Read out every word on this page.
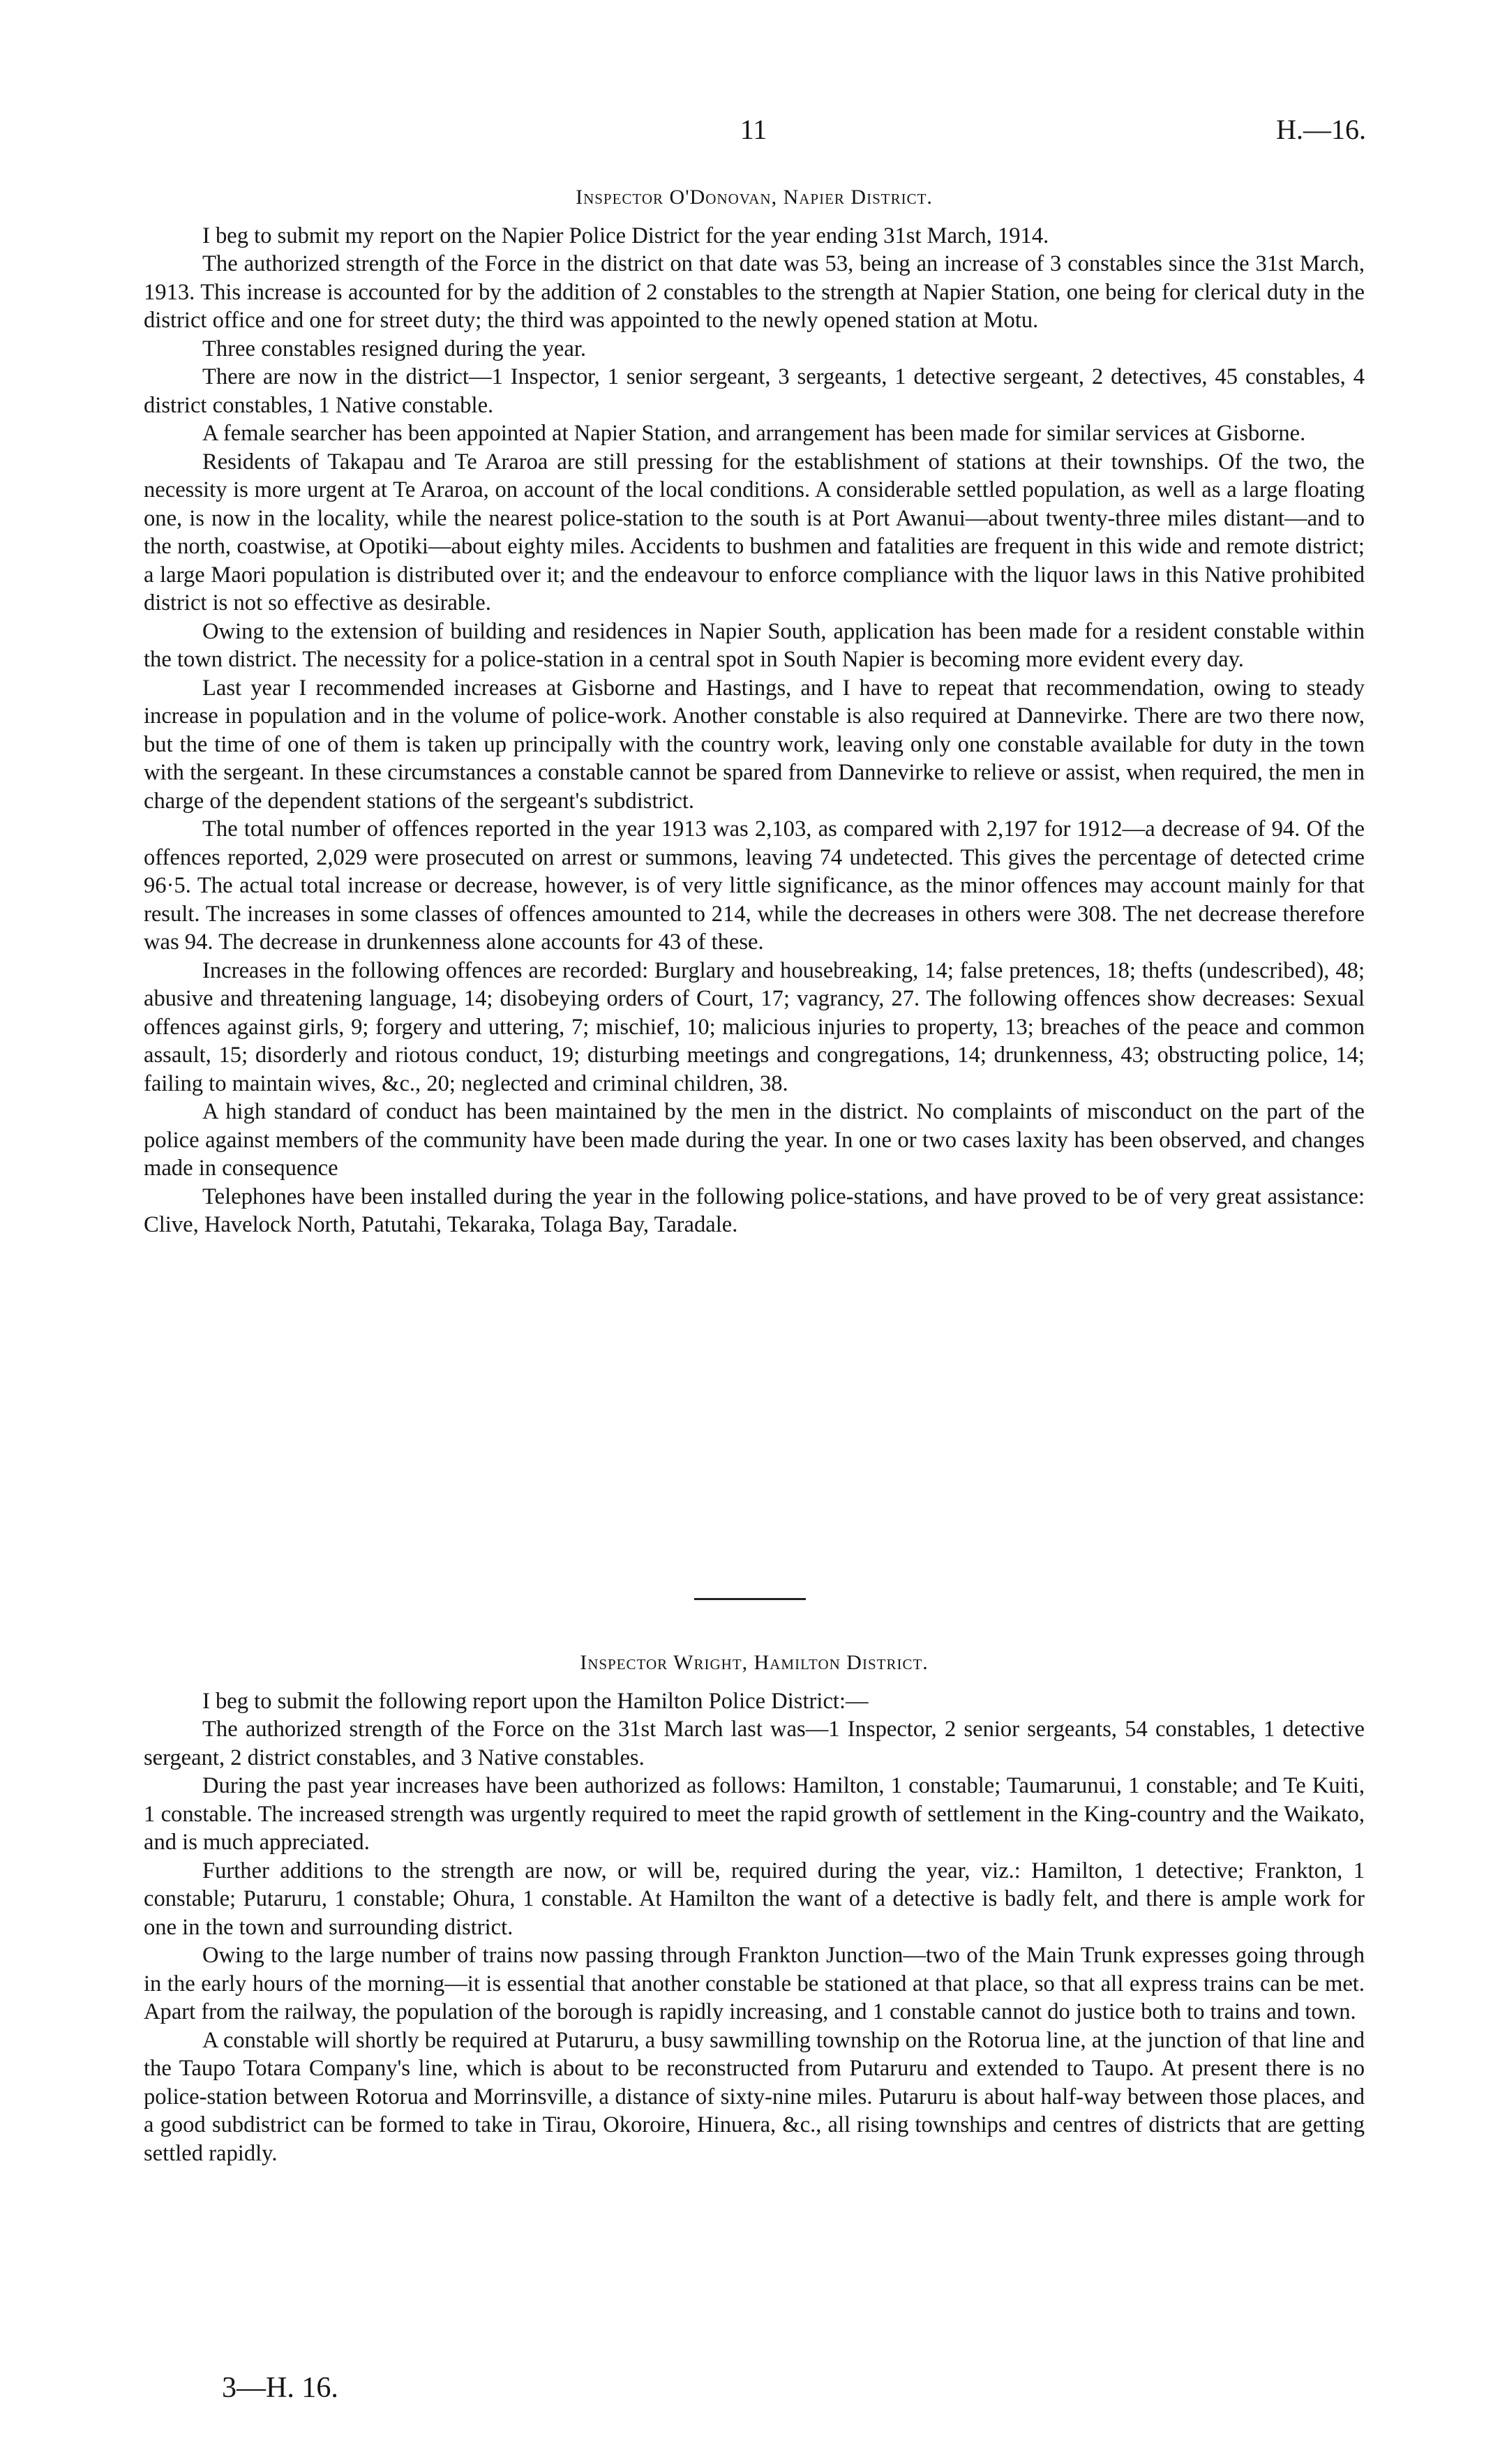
11	H.—16.
Inspector O'Donovan, Napier District.

I beg to submit my report on the Napier Police District for the year ending 31st March, 1914.

The authorized strength of the Force in the district on that date was 53, being an increase of 3 constables since the 31st March, 1913. This increase is accounted for by the addition of 2 constables to the strength at Napier Station, one being for clerical duty in the district office and one for street duty; the third was appointed to the newly opened station at Motu.

Three constables resigned during the year.

There are now in the district—1 Inspector, 1 senior sergeant, 3 sergeants, 1 detective sergeant, 2 detectives, 45 constables, 4 district constables, 1 Native constable.

A female searcher has been appointed at Napier Station, and arrangement has been made for similar services at Gisborne.

Residents of Takapau and Te Araroa are still pressing for the establishment of stations at their townships. Of the two, the necessity is more urgent at Te Araroa, on account of the local conditions. A considerable settled population, as well as a large floating one, is now in the locality, while the nearest police-station to the south is at Port Awanui—about twenty-three miles distant—and to the north, coastwise, at Opotiki—about eighty miles. Accidents to bushmen and fatalities are frequent in this wide and remote district; a large Maori population is distributed over it; and the endeavour to enforce compliance with the liquor laws in this Native prohibited district is not so effective as desirable.

Owing to the extension of building and residences in Napier South, application has been made for a resident constable within the town district. The necessity for a police-station in a central spot in South Napier is becoming more evident every day.

Last year I recommended increases at Gisborne and Hastings, and I have to repeat that recommendation, owing to steady increase in population and in the volume of police-work. Another constable is also required at Dannevirke. There are two there now, but the time of one of them is taken up principally with the country work, leaving only one constable available for duty in the town with the sergeant. In these circumstances a constable cannot be spared from Dannevirke to relieve or assist, when required, the men in charge of the dependent stations of the sergeant's subdistrict.

The total number of offences reported in the year 1913 was 2,103, as compared with 2,197 for 1912—a decrease of 94. Of the offences reported, 2,029 were prosecuted on arrest or summons, leaving 74 undetected. This gives the percentage of detected crime 96·5. The actual total increase or decrease, however, is of very little significance, as the minor offences may account mainly for that result. The increases in some classes of offences amounted to 214, while the decreases in others were 308. The net decrease therefore was 94. The decrease in drunkenness alone accounts for 43 of these.

Increases in the following offences are recorded: Burglary and housebreaking, 14; false pretences, 18; thefts (undescribed), 48; abusive and threatening language, 14; disobeying orders of Court, 17; vagrancy, 27. The following offences show decreases: Sexual offences against girls, 9; forgery and uttering, 7; mischief, 10; malicious injuries to property, 13; breaches of the peace and common assault, 15; disorderly and riotous conduct, 19; disturbing meetings and congregations, 14; drunkenness, 43; obstructing police, 14; failing to maintain wives, &c., 20; neglected and criminal children, 38.

A high standard of conduct has been maintained by the men in the district. No complaints of misconduct on the part of the police against members of the community have been made during the year. In one or two cases laxity has been observed, and changes made in consequence

Telephones have been installed during the year in the following police-stations, and have proved to be of very great assistance: Clive, Havelock North, Patutahi, Tekaraka, Tolaga Bay, Taradale.

Inspector Wright, Hamilton District.

I beg to submit the following report upon the Hamilton Police District:—

The authorized strength of the Force on the 31st March last was—1 Inspector, 2 senior sergeants, 54 constables, 1 detective sergeant, 2 district constables, and 3 Native constables.

During the past year increases have been authorized as follows: Hamilton, 1 constable; Taumarunui, 1 constable; and Te Kuiti, 1 constable. The increased strength was urgently required to meet the rapid growth of settlement in the King-country and the Waikato, and is much appreciated.

Further additions to the strength are now, or will be, required during the year, viz.: Hamilton, 1 detective; Frankton, 1 constable; Putaruru, 1 constable; Ohura, 1 constable. At Hamilton the want of a detective is badly felt, and there is ample work for one in the town and surrounding district.

Owing to the large number of trains now passing through Frankton Junction—two of the Main Trunk expresses going through in the early hours of the morning—it is essential that another constable be stationed at that place, so that all express trains can be met. Apart from the railway, the population of the borough is rapidly increasing, and 1 constable cannot do justice both to trains and town.

A constable will shortly be required at Putaruru, a busy sawmilling township on the Rotorua line, at the junction of that line and the Taupo Totara Company's line, which is about to be reconstructed from Putaruru and extended to Taupo. At present there is no police-station between Rotorua and Morrinsville, a distance of sixty-nine miles. Putaruru is about half-way between those places, and a good subdistrict can be formed to take in Tirau, Okoroire, Hinuera, &c., all rising townships and centres of districts that are getting settled rapidly.

3—H. 16.
